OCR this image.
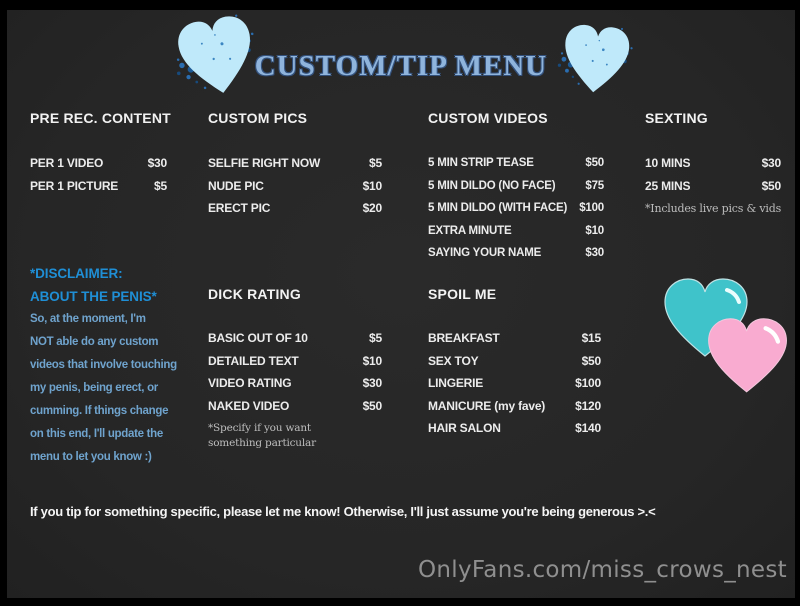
CUSTOM/TIP MENU
PRE REC. CONTENT
PER 1 VIDEO	$30
PER 1 PICTURE	$5
CUSTOM PICS
SELFIE RIGHT NOW	$5
NUDE PIC	$10
ERECT PIC	$20
CUSTOM VIDEOS
5 MIN STRIP TEASE	$50
5 MIN DILDO (NO FACE)	$75
5 MIN DILDO (WITH FACE) $100
EXTRA MINUTE	$10
SAYING YOUR NAME	$30
SEXTING
10 MINS	$30
25 MINS	$50
*Includes live pics & vids
*DISCLAIMER:
ABOUT THE PENIS*
So, at the moment, I'm
NOT able do any custom
videos that involve touching
my penis, being erect, or
cumming. If things change
on this end, I'll update the
menu to let you know :)
DICK RATING
BASIC OUT OF 10	$5
DETAILED TEXT	$10
VIDEO RATING	$30
NAKED VIDEO	$50
*Specify if you want something particular
SPOIL ME
BREAKFAST	$15
SEX TOY	$50
LINGERIE	$100
MANICURE (my fave)	$120
HAIR SALON	$140
If you tip for something specific, please let me know! Otherwise, I'll just assume you're being generous >.<
OnlyFans.com/miss_crows_nest
